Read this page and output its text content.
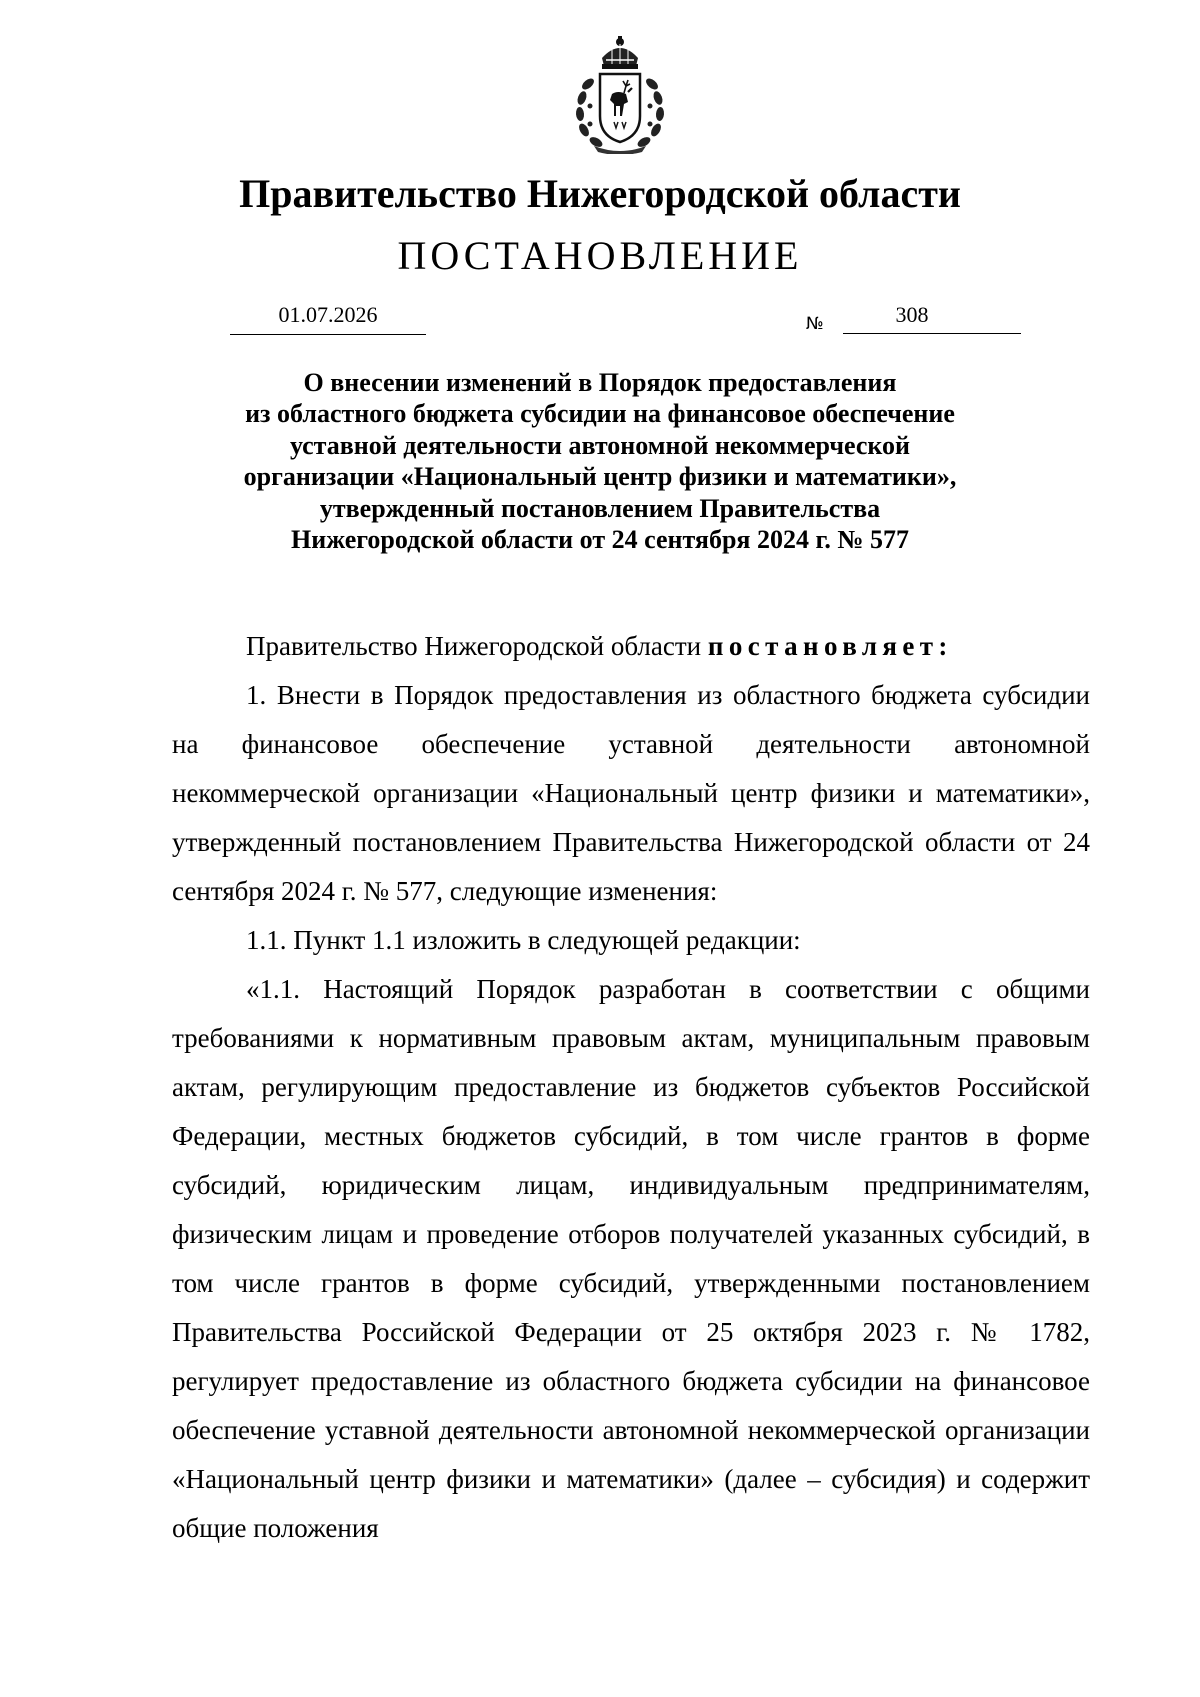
Правительство Нижегородской области
ПОСТАНОВЛЕНИЕ
01.07.2026	№	308
О внесении изменений в Порядок предоставления
из областного бюджета субсидии на финансовое обеспечение
уставной деятельности автономной некоммерческой
организации «Национальный центр физики и математики»,
утвержденный постановлением Правительства
Нижегородской области от 24 сентября 2024 г. № 577

Правительство Нижегородской области постановляет:

1. Внести в Порядок предоставления из областного бюджета субсидии на финансовое обеспечение уставной деятельности автономной некоммерческой организации «Национальный центр физики и математики», утвержденный постановлением Правительства Нижегородской области от 24 сентября 2024 г. № 577, следующие изменения:

1.1. Пункт 1.1 изложить в следующей редакции:

«1.1. Настоящий Порядок разработан в соответствии с общими требованиями к нормативным правовым актам, муниципальным правовым актам, регулирующим предоставление из бюджетов субъектов Российской Федерации, местных бюджетов субсидий, в том числе грантов в форме субсидий, юридическим лицам, индивидуальным предпринимателям, физическим лицам и проведение отборов получателей указанных субсидий, в том числе грантов в форме субсидий, утвержденными постановлением Правительства Российской Федерации от 25 октября 2023 г. № 1782, регулирует предоставление из областного бюджета субсидии на финансовое обеспечение уставной деятельности автономной некоммерческой организации «Национальный центр физики и математики» (далее – субсидия) и содержит общие положения
